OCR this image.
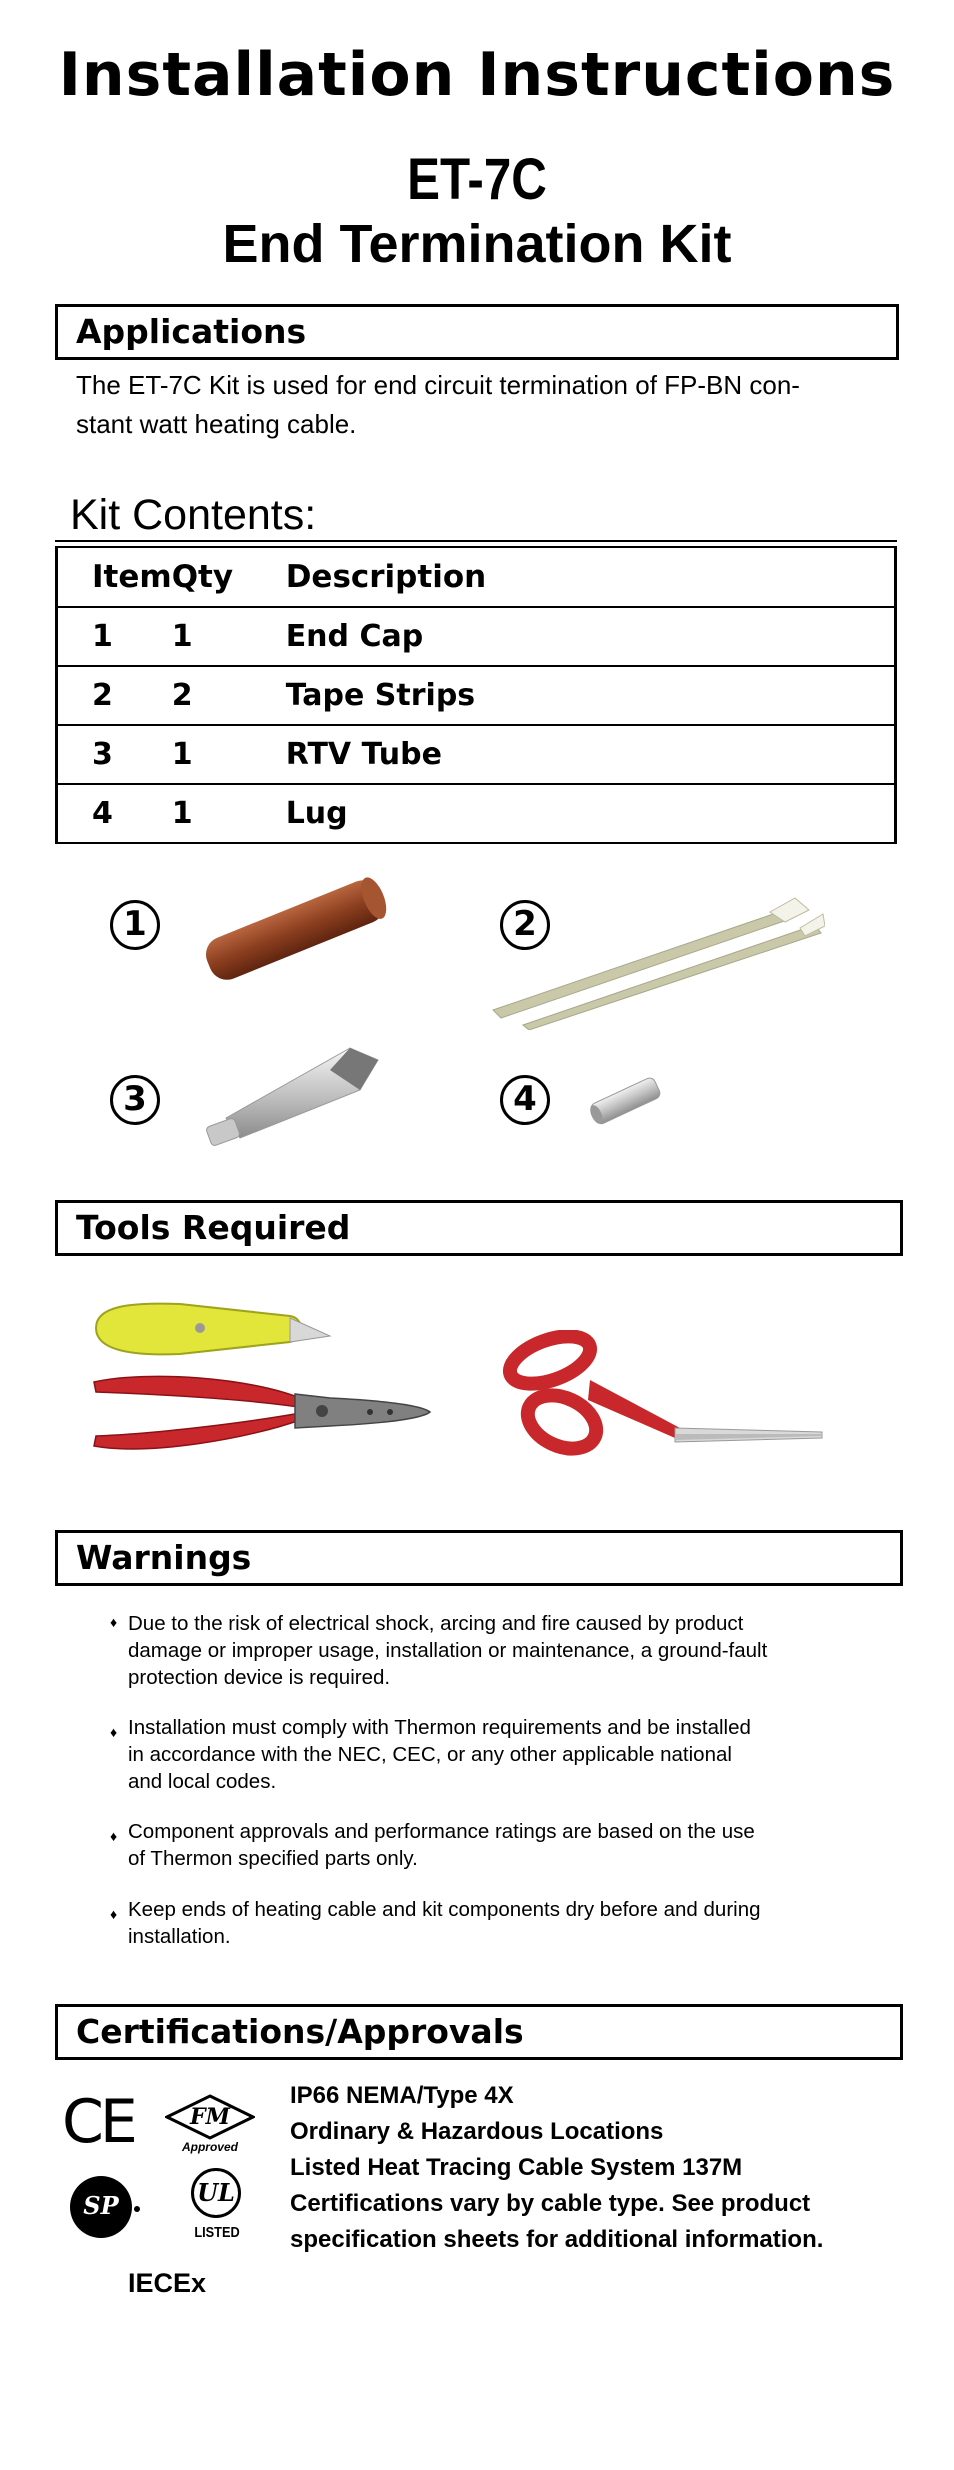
Installation Instructions
ET-7C
End Termination Kit
Applications
The ET-7C Kit is used for end circuit termination of FP-BN con-
stant watt heating cable.
Kit Contents:
Item	Qty	Description
1	1	End Cap
2	2	Tape Strips
3	1	RTV Tube
4	1	Lug
1	2
3	4
Tools Required
Warnings
♦ Due to the risk of electrical shock, arcing and fire caused by product
damage or improper usage, installation or maintenance, a ground-fault
protection device is required.
♦ Installation must comply with Thermon requirements and be installed
in accordance with the NEC, CEC, or any other applicable national
and local codes.
♦ Component approvals and performance ratings are based on the use
of Thermon specified parts only.
♦ Keep ends of heating cable and kit components dry before and during
installation.
Certifications/Approvals
CE	FM
Approved
SP	UL
LISTED
IECEx
IP66 NEMA/Type 4X
Ordinary & Hazardous Locations
Listed Heat Tracing Cable System 137M
Certifications vary by cable type. See product
specification sheets for additional information.
